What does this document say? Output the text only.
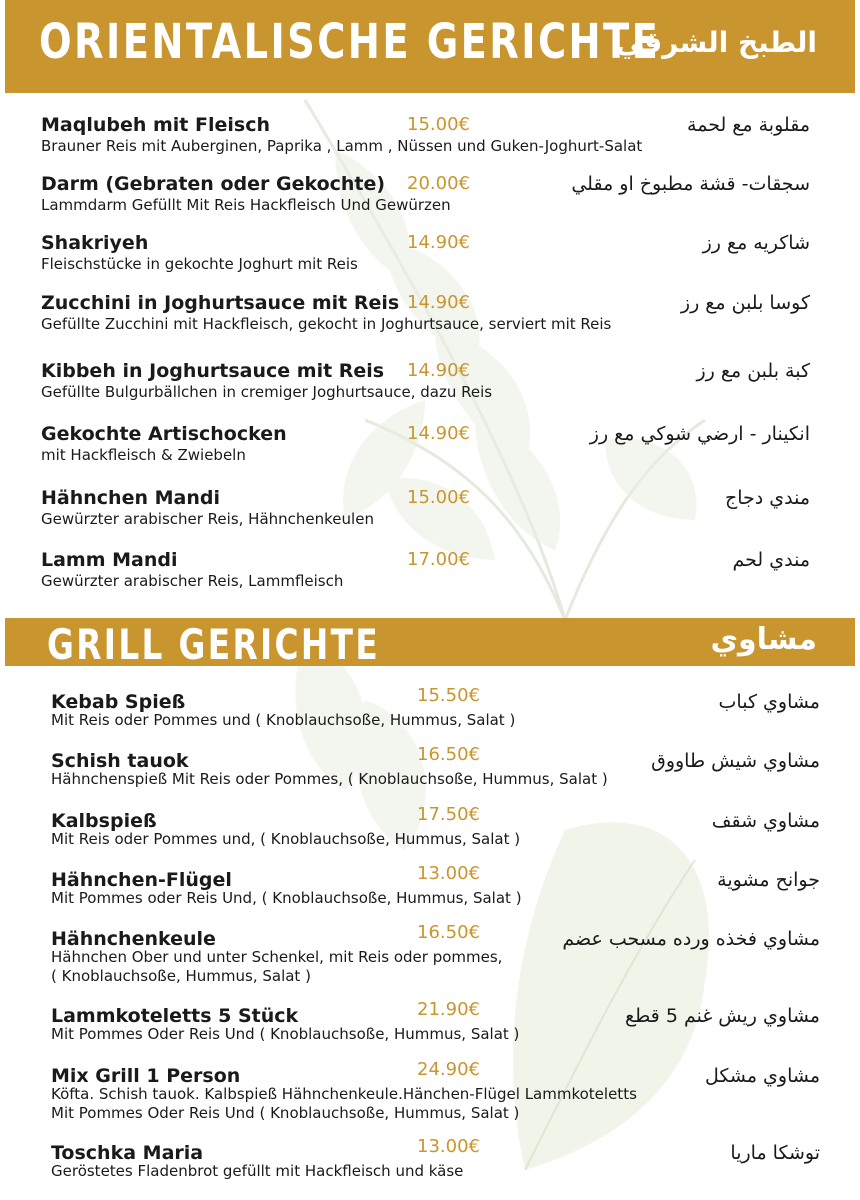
ORIENTALISCHE GERICHTE
الطبخ الشرقي
Maqlubeh mit Fleisch	15.00€	مقلوبة مع لحمة
Brauner Reis mit Auberginen, Paprika , Lamm , Nüssen und Guken-Joghurt-Salat
Darm (Gebraten oder Gekochte) 20.00€	سجقات- قشة مطبوخ او مقلي
Lammdarm Gefüllt Mit Reis Hackfleisch Und Gewürzen
Shakriyeh	14.90€	شاكريه مع رز
Fleischstücke in gekochte Joghurt mit Reis
Zucchini in Joghurtsauce mit Reis 14.90€	كوسا بلبن مع رز
Gefüllte Zucchini mit Hackfleisch, gekocht in Joghurtsauce, serviert mit Reis
Kibbeh in Joghurtsauce mit Reis 14.90€	كبة بلبن مع رز
Gefüllte Bulgurbällchen in cremiger Joghurtsauce, dazu Reis
Gekochte Artischocken	14.90€	انكينار - ارضي شوكي مع رز
mit Hackfleisch & Zwiebeln
Hähnchen Mandi	15.00€	مندي دجاج
Gewürzter arabischer Reis, Hähnchenkeulen
Lamm Mandi	17.00€	مندي لحم
Gewürzter arabischer Reis, Lammfleisch
GRILL GERICHTE	مشاوي
Kebab Spieß	15.50€	مشاوي كباب
Mit Reis oder Pommes und ( Knoblauchsoße, Hummus, Salat )
Schish tauok	16.50€	مشاوي شيش طاووق
Hähnchenspieß Mit Reis oder Pommes, ( Knoblauchsoße, Hummus, Salat )
Kalbspieß	17.50€	مشاوي شقف
Mit Reis oder Pommes und, ( Knoblauchsoße, Hummus, Salat )
Hähnchen-Flügel	13.00€	جوانح مشوية
Mit Pommes oder Reis Und, ( Knoblauchsoße, Hummus, Salat )
Hähnchenkeule	16.50€	مشاوي فخذه ورده مسحب عضم
Hähnchen Ober und unter Schenkel, mit Reis oder pommes,
( Knoblauchsoße, Hummus, Salat )
Lammkoteletts 5 Stück	21.90€	مشاوي ريش غنم 5 قطع
Mit Pommes Oder Reis Und ( Knoblauchsoße, Hummus, Salat )
Mix Grill 1 Person	24.90€	مشاوي مشكل
Köfta. Schish tauok. Kalbspieß Hähnchenkeule.Hänchen-Flügel Lammkoteletts
Mit Pommes Oder Reis Und ( Knoblauchsoße, Hummus, Salat )
Toschka Maria	13.00€	توشكا ماريا
Geröstetes Fladenbrot gefüllt mit Hackfleisch und käse
